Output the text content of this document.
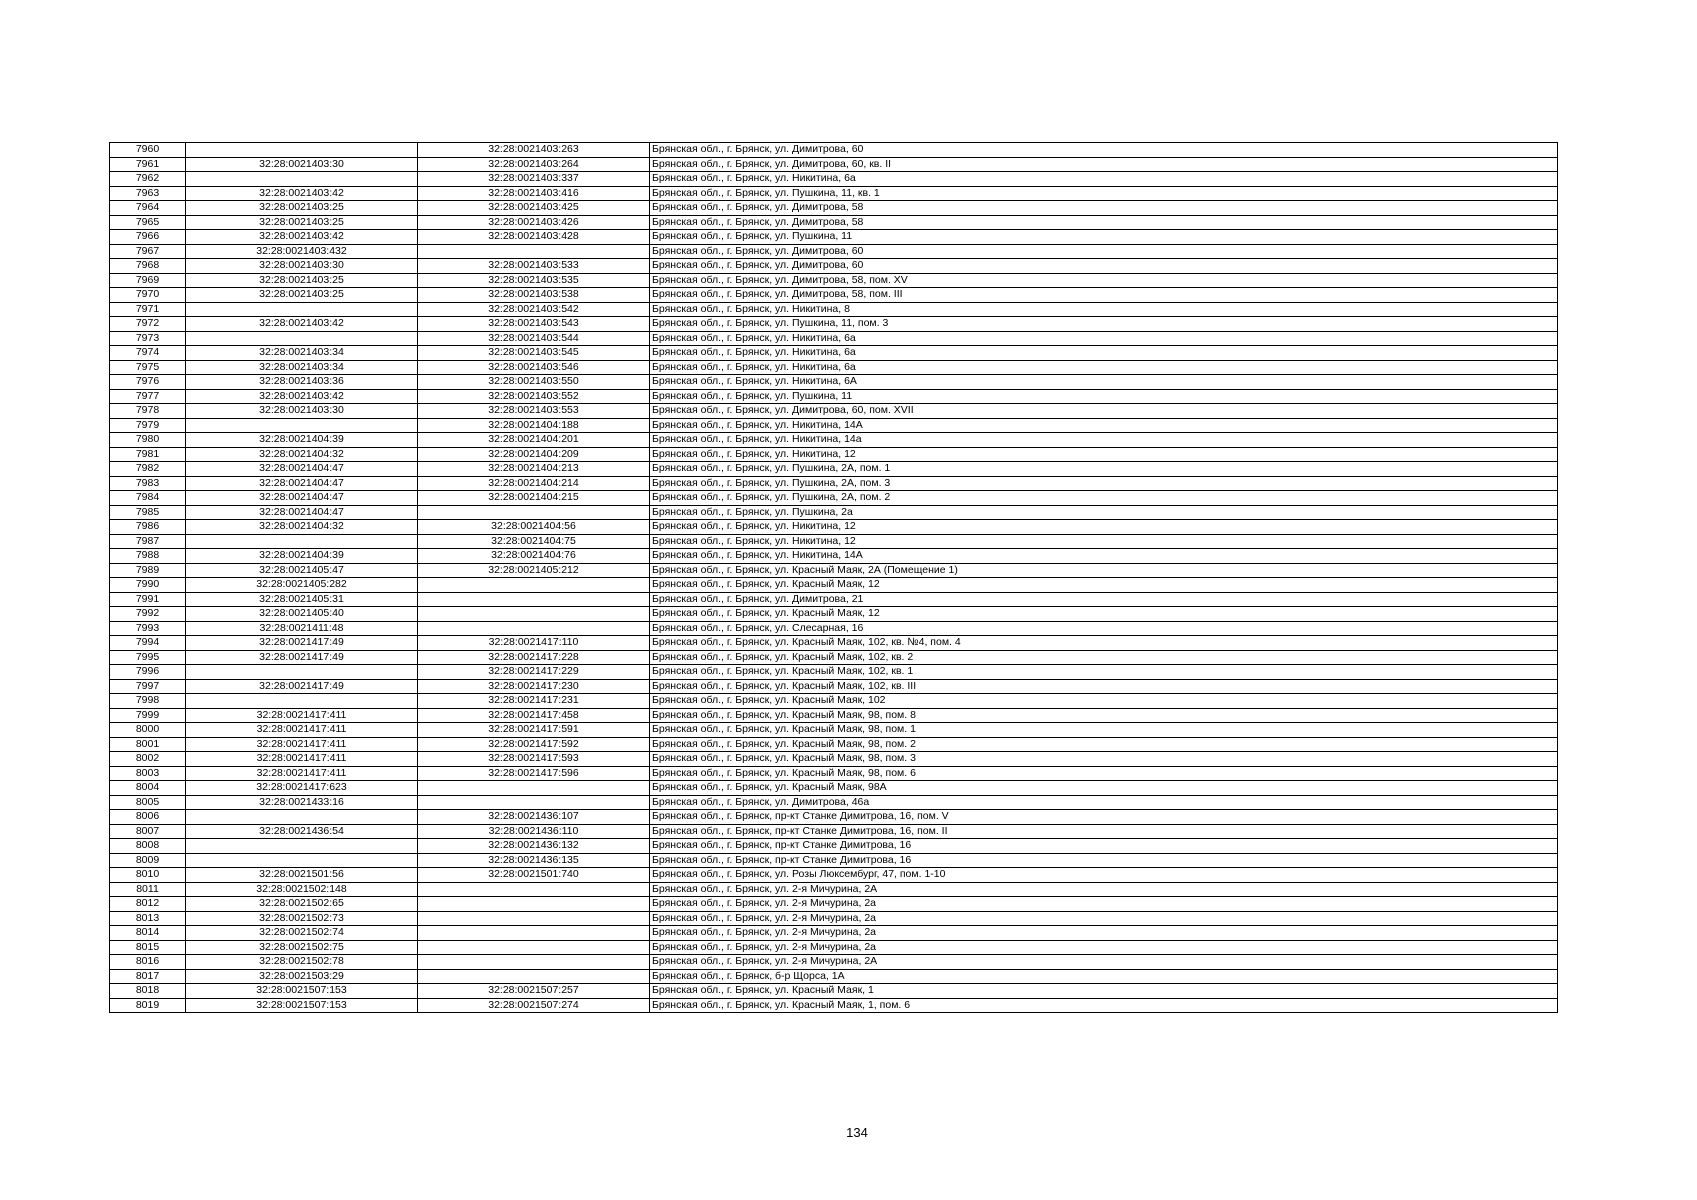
7960		32:28:0021403:263	Брянская обл., г. Брянск, ул. Димитрова, 60
7961	32:28:0021403:30	32:28:0021403:264	Брянская обл., г. Брянск, ул. Димитрова, 60, кв. II
7962		32:28:0021403:337	Брянская обл., г. Брянск, ул. Никитина, 6а
7963	32:28:0021403:42	32:28:0021403:416	Брянская обл., г. Брянск, ул. Пушкина, 11, кв. 1
7964	32:28:0021403:25	32:28:0021403:425	Брянская обл., г. Брянск, ул. Димитрова, 58
7965	32:28:0021403:25	32:28:0021403:426	Брянская обл., г. Брянск, ул. Димитрова, 58
7966	32:28:0021403:42	32:28:0021403:428	Брянская обл., г. Брянск, ул. Пушкина, 11
7967	32:28:0021403:432		Брянская обл., г. Брянск, ул. Димитрова, 60
7968	32:28:0021403:30	32:28:0021403:533	Брянская обл., г. Брянск, ул. Димитрова, 60
7969	32:28:0021403:25	32:28:0021403:535	Брянская обл., г. Брянск, ул. Димитрова, 58, пом. XV
7970	32:28:0021403:25	32:28:0021403:538	Брянская обл., г. Брянск, ул. Димитрова, 58, пом. III
7971		32:28:0021403:542	Брянская обл., г. Брянск, ул. Никитина, 8
7972	32:28:0021403:42	32:28:0021403:543	Брянская обл., г. Брянск, ул. Пушкина, 11, пом. 3
7973		32:28:0021403:544	Брянская обл., г. Брянск, ул. Никитина, 6а
7974	32:28:0021403:34	32:28:0021403:545	Брянская обл., г. Брянск, ул. Никитина, 6а
7975	32:28:0021403:34	32:28:0021403:546	Брянская обл., г. Брянск, ул. Никитина, 6а
7976	32:28:0021403:36	32:28:0021403:550	Брянская обл., г. Брянск, ул. Никитина, 6А
7977	32:28:0021403:42	32:28:0021403:552	Брянская обл., г. Брянск, ул. Пушкина, 11
7978	32:28:0021403:30	32:28:0021403:553	Брянская обл., г. Брянск, ул. Димитрова, 60, пом. XVII
7979		32:28:0021404:188	Брянская обл., г. Брянск, ул. Никитина, 14А
7980	32:28:0021404:39	32:28:0021404:201	Брянская обл., г. Брянск, ул. Никитина, 14а
7981	32:28:0021404:32	32:28:0021404:209	Брянская обл., г. Брянск, ул. Никитина, 12
7982	32:28:0021404:47	32:28:0021404:213	Брянская обл., г. Брянск, ул. Пушкина, 2А, пом. 1
7983	32:28:0021404:47	32:28:0021404:214	Брянская обл., г. Брянск, ул. Пушкина, 2А, пом. 3
7984	32:28:0021404:47	32:28:0021404:215	Брянская обл., г. Брянск, ул. Пушкина, 2А, пом. 2
7985	32:28:0021404:47		Брянская обл., г. Брянск, ул. Пушкина, 2а
7986	32:28:0021404:32	32:28:0021404:56	Брянская обл., г. Брянск, ул. Никитина, 12
7987		32:28:0021404:75	Брянская обл., г. Брянск, ул. Никитина, 12
7988	32:28:0021404:39	32:28:0021404:76	Брянская обл., г. Брянск, ул. Никитина, 14А
7989	32:28:0021405:47	32:28:0021405:212	Брянская обл., г. Брянск, ул. Красный Маяк, 2А (Помещение 1)
7990	32:28:0021405:282		Брянская обл., г. Брянск, ул. Красный Маяк, 12
7991	32:28:0021405:31		Брянская обл., г. Брянск, ул. Димитрова, 21
7992	32:28:0021405:40		Брянская обл., г. Брянск, ул. Красный Маяк, 12
7993	32:28:0021411:48		Брянская обл., г. Брянск, ул. Слесарная, 16
7994	32:28:0021417:49	32:28:0021417:110	Брянская обл., г. Брянск, ул. Красный Маяк, 102, кв. №4, пом. 4
7995	32:28:0021417:49	32:28:0021417:228	Брянская обл., г. Брянск, ул. Красный Маяк, 102, кв. 2
7996		32:28:0021417:229	Брянская обл., г. Брянск, ул. Красный Маяк, 102, кв. 1
7997	32:28:0021417:49	32:28:0021417:230	Брянская обл., г. Брянск, ул. Красный Маяк, 102, кв. III
7998		32:28:0021417:231	Брянская обл., г. Брянск, ул. Красный Маяк, 102
7999	32:28:0021417:411	32:28:0021417:458	Брянская обл., г. Брянск, ул. Красный Маяк, 98, пом. 8
8000	32:28:0021417:411	32:28:0021417:591	Брянская обл., г. Брянск, ул. Красный Маяк, 98, пом. 1
8001	32:28:0021417:411	32:28:0021417:592	Брянская обл., г. Брянск, ул. Красный Маяк, 98, пом. 2
8002	32:28:0021417:411	32:28:0021417:593	Брянская обл., г. Брянск, ул. Красный Маяк, 98, пом. 3
8003	32:28:0021417:411	32:28:0021417:596	Брянская обл., г. Брянск, ул. Красный Маяк, 98, пом. 6
8004	32:28:0021417:623		Брянская обл., г. Брянск, ул. Красный Маяк, 98А
8005	32:28:0021433:16		Брянская обл., г. Брянск, ул. Димитрова, 46а
8006		32:28:0021436:107	Брянская обл., г. Брянск, пр-кт Станке Димитрова, 16, пом. V
8007	32:28:0021436:54	32:28:0021436:110	Брянская обл., г. Брянск, пр-кт Станке Димитрова, 16, пом. II
8008		32:28:0021436:132	Брянская обл., г. Брянск, пр-кт Станке Димитрова, 16
8009		32:28:0021436:135	Брянская обл., г. Брянск, пр-кт Станке Димитрова, 16
8010	32:28:0021501:56	32:28:0021501:740	Брянская обл., г. Брянск, ул. Розы Люксембург, 47, пом. 1-10
8011	32:28:0021502:148		Брянская обл., г. Брянск, ул. 2-я Мичурина, 2А
8012	32:28:0021502:65		Брянская обл., г. Брянск, ул. 2-я Мичурина, 2а
8013	32:28:0021502:73		Брянская обл., г. Брянск, ул. 2-я Мичурина, 2а
8014	32:28:0021502:74		Брянская обл., г. Брянск, ул. 2-я Мичурина, 2а
8015	32:28:0021502:75		Брянская обл., г. Брянск, ул. 2-я Мичурина, 2а
8016	32:28:0021502:78		Брянская обл., г. Брянск, ул. 2-я Мичурина, 2А
8017	32:28:0021503:29		Брянская обл., г. Брянск, б-р Щорса, 1А
8018	32:28:0021507:153	32:28:0021507:257	Брянская обл., г. Брянск, ул. Красный Маяк, 1
8019	32:28:0021507:153	32:28:0021507:274	Брянская обл., г. Брянск, ул. Красный Маяк, 1, пом. 6
134
